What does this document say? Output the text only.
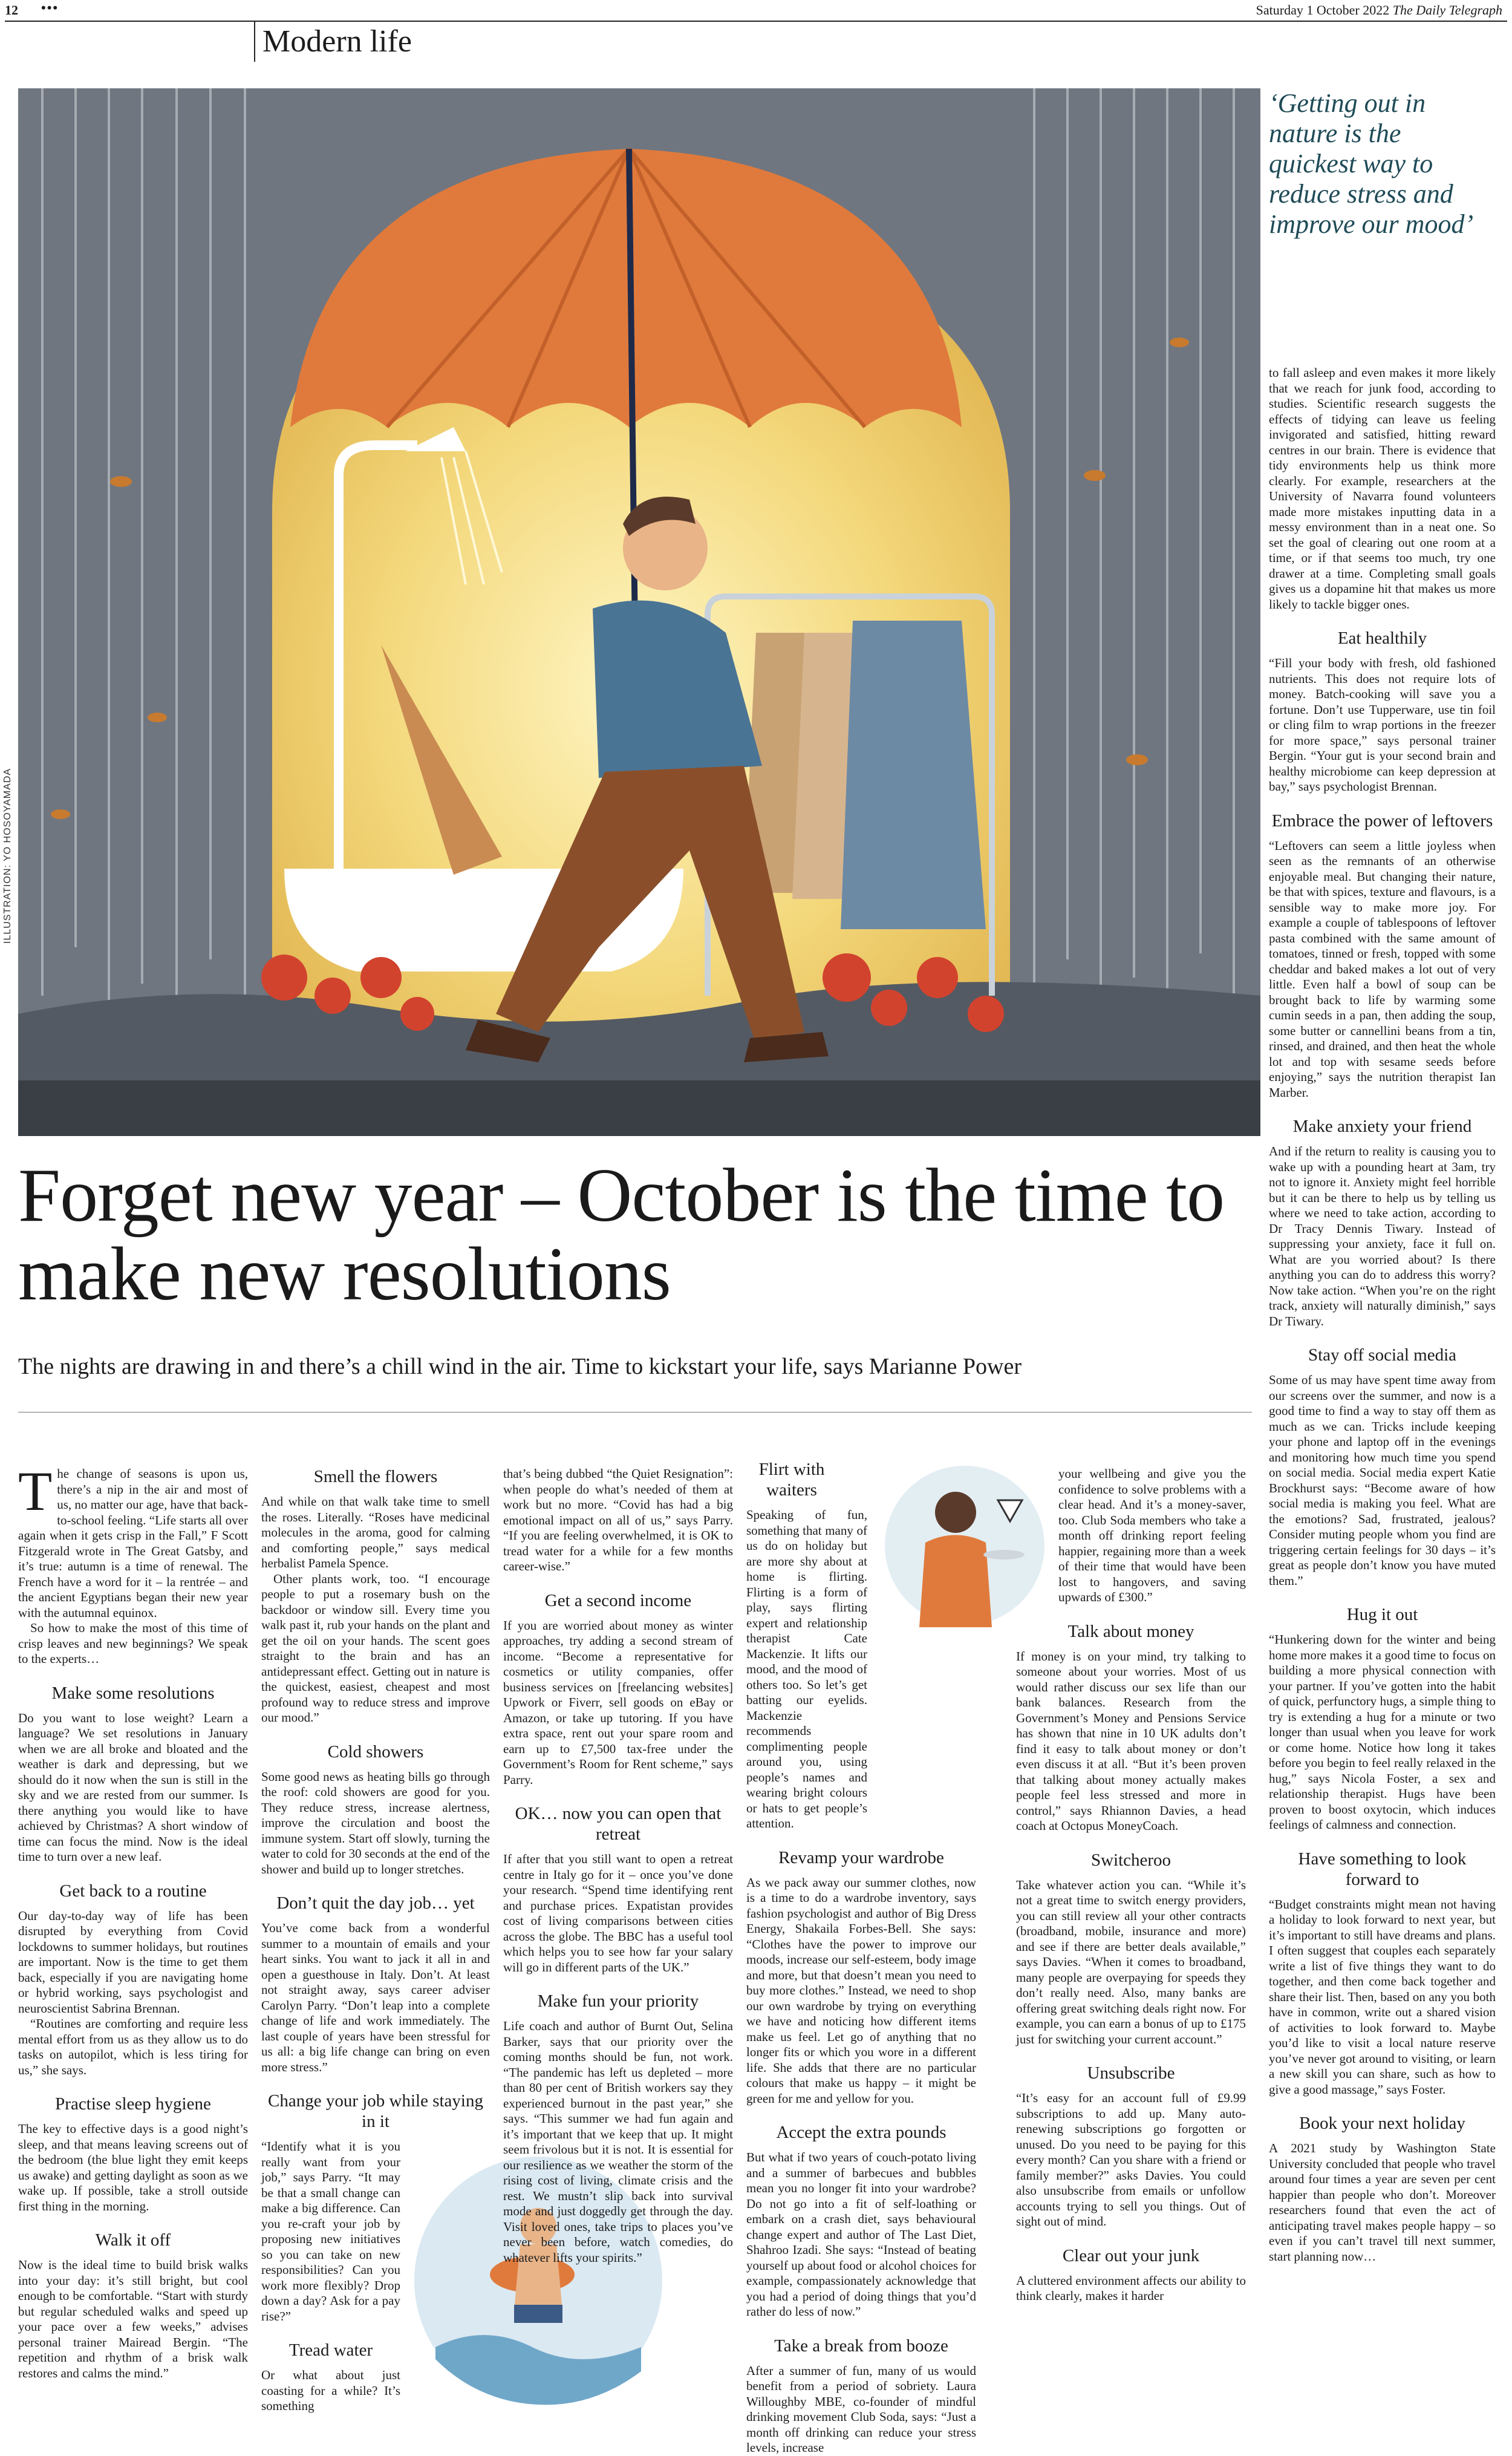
12 •••	Saturday 1 October 2022 The Daily Telegraph
Modern life
ILLUSTRATION: YO HOSOYAMADA
‘Getting out in nature is the quickest way to reduce stress and improve our mood’
Forget new year – October is the time to make new resolutions
The nights are drawing in and there’s a chill wind in the air. Time to kickstart your life, says Marianne Power

The change of seasons is upon us, there’s a nip in the air and most of us, no matter our age, have that back-to-school feeling. “Life starts all over again when it gets crisp in the Fall,” F Scott Fitzgerald wrote in The Great Gatsby, and it’s true: autumn is a time of renewal. The French have a word for it – la rentrée – and the ancient Egyptians began their new year with the autumnal equinox.

So how to make the most of this time of crisp leaves and new beginnings? We speak to the experts…

Make some resolutions

Do you want to lose weight? Learn a language? We set resolutions in January when we are all broke and bloated and the weather is dark and depressing, but we should do it now when the sun is still in the sky and we are rested from our summer. Is there anything you would like to have achieved by Christmas? A short window of time can focus the mind. Now is the ideal time to turn over a new leaf.

Get back to a routine

Our day-to-day way of life has been disrupted by everything from Covid lockdowns to summer holidays, but routines are important. Now is the time to get them back, especially if you are navigating home or hybrid working, says psychologist and neuroscientist Sabrina Brennan.

“Routines are comforting and require less mental effort from us as they allow us to do tasks on autopilot, which is less tiring for us,” she says.

Practise sleep hygiene

The key to effective days is a good night’s sleep, and that means leaving screens out of the bedroom (the blue light they emit keeps us awake) and getting daylight as soon as we wake up. If possible, take a stroll outside first thing in the morning.

Walk it off

Now is the ideal time to build brisk walks into your day: it’s still bright, but cool enough to be comfortable. “Start with sturdy but regular scheduled walks and speed up your pace over a few weeks,” advises personal trainer Mairead Bergin. “The repetition and rhythm of a brisk walk restores and calms the mind.”

Smell the flowers

And while on that walk take time to smell the roses. Literally. “Roses have medicinal molecules in the aroma, good for calming and comforting people,” says medical herbalist Pamela Spence.

Other plants work, too. “I encourage people to put a rosemary bush on the backdoor or window sill. Every time you walk past it, rub your hands on the plant and get the oil on your hands. The scent goes straight to the brain and has an antidepressant effect. Getting out in nature is the quickest, easiest, cheapest and most profound way to reduce stress and improve our mood.”

Cold showers

Some good news as heating bills go through the roof: cold showers are good for you. They reduce stress, increase alertness, improve the circulation and boost the immune system. Start off slowly, turning the water to cold for 30 seconds at the end of the shower and build up to longer stretches.

Don’t quit the day job… yet

You’ve come back from a wonderful summer to a mountain of emails and your heart sinks. You want to jack it all in and open a guesthouse in Italy. Don’t. At least not straight away, says career adviser Carolyn Parry. “Don’t leap into a complete change of life and work immediately. The last couple of years have been stressful for us all: a big life change can bring on even more stress.”

Change your job while staying in it

“Identify what it is you really want from your job,” says Parry. “It may be that a small change can make a big difference. Can you re-craft your job by proposing new initiatives so you can take on new responsibilities? Can you work more flexibly? Drop down a day? Ask for a pay rise?”

Tread water

Or what about just coasting for a while? It’s something

that’s being dubbed “the Quiet Resignation”: when people do what’s needed of them at work but no more. “Covid has had a big emotional impact on all of us,” says Parry. “If you are feeling overwhelmed, it is OK to tread water for a while for a few months career-wise.”

Get a second income

If you are worried about money as winter approaches, try adding a second stream of income. “Become a representative for cosmetics or utility companies, offer business services on [freelancing websites] Upwork or Fiverr, sell goods on eBay or Amazon, or take up tutoring. If you have extra space, rent out your spare room and earn up to £7,500 tax-free under the Government’s Room for Rent scheme,” says Parry.

OK… now you can open that retreat

If after that you still want to open a retreat centre in Italy go for it – once you’ve done your research. “Spend time identifying rent and purchase prices. Expatistan provides cost of living comparisons between cities across the globe. The BBC has a useful tool which helps you to see how far your salary will go in different parts of the UK.”

Make fun your priority

Life coach and author of Burnt Out, Selina Barker, says that our priority over the coming months should be fun, not work. “The pandemic has left us depleted – more than 80 per cent of British workers say they experienced burnout in the past year,” she says. “This summer we had fun again and it’s important that we keep that up. It might seem frivolous but it is not. It is essential for our resilience as we weather the storm of the rising cost of living, climate crisis and the rest. We mustn’t slip back into survival mode and just doggedly get through the day. Visit loved ones, take trips to places you’ve never been before, watch comedies, do whatever lifts your spirits.”

Flirt with waiters

Speaking of fun, something that many of us do on holiday but are more shy about at home is flirting. Flirting is a form of play, says flirting expert and relationship therapist Cate Mackenzie. It lifts our mood, and the mood of others too. So let’s get batting our eyelids. Mackenzie recommends complimenting people around you, using people’s names and wearing bright colours or hats to get people’s attention.

Revamp your wardrobe

As we pack away our summer clothes, now is a time to do a wardrobe inventory, says fashion psychologist and author of Big Dress Energy, Shakaila Forbes-Bell. She says: “Clothes have the power to improve our moods, increase our self-esteem, body image and more, but that doesn’t mean you need to buy more clothes.” Instead, we need to shop our own wardrobe by trying on everything we have and noticing how different items make us feel. Let go of anything that no longer fits or which you wore in a different life. She adds that there are no particular colours that make us happy – it might be green for me and yellow for you.

Accept the extra pounds

But what if two years of couch-potato living and a summer of barbecues and bubbles mean you no longer fit into your wardrobe? Do not go into a fit of self-loathing or embark on a crash diet, says behavioural change expert and author of The Last Diet, Shahroo Izadi. She says: “Instead of beating yourself up about food or alcohol choices for example, compassionately acknowledge that you had a period of doing things that you’d rather do less of now.”

Take a break from booze

After a summer of fun, many of us would benefit from a period of sobriety. Laura Willoughby MBE, co-founder of mindful drinking movement Club Soda, says: “Just a month off drinking can reduce your stress levels, increase

your wellbeing and give you the confidence to solve problems with a clear head. And it’s a money-saver, too. Club Soda members who take a month off drinking report feeling happier, regaining more than a week of their time that would have been lost to hangovers, and saving upwards of £300.”

Talk about money

If money is on your mind, try talking to someone about your worries. Most of us would rather discuss our sex life than our bank balances. Research from the Government’s Money and Pensions Service has shown that nine in 10 UK adults don’t find it easy to talk about money or don’t even discuss it at all. “But it’s been proven that talking about money actually makes people feel less stressed and more in control,” says Rhiannon Davies, a head coach at Octopus MoneyCoach.

Switcheroo

Take whatever action you can. “While it’s not a great time to switch energy providers, you can still review all your other contracts (broadband, mobile, insurance and more) and see if there are better deals available,” says Davies. “When it comes to broadband, many people are overpaying for speeds they don’t really need. Also, many banks are offering great switching deals right now. For example, you can earn a bonus of up to £175 just for switching your current account.”

Unsubscribe

“It’s easy for an account full of £9.99 subscriptions to add up. Many auto-renewing subscriptions go forgotten or unused. Do you need to be paying for this every month? Can you share with a friend or family member?” asks Davies. You could also unsubscribe from emails or unfollow accounts trying to sell you things. Out of sight out of mind.

Clear out your junk

A cluttered environment affects our ability to think clearly, makes it harder

to fall asleep and even makes it more likely that we reach for junk food, according to studies. Scientific research suggests the effects of tidying can leave us feeling invigorated and satisfied, hitting reward centres in our brain. There is evidence that tidy environments help us think more clearly. For example, researchers at the University of Navarra found volunteers made more mistakes inputting data in a messy environment than in a neat one. So set the goal of clearing out one room at a time, or if that seems too much, try one drawer at a time. Completing small goals gives us a dopamine hit that makes us more likely to tackle bigger ones.

Eat healthily

“Fill your body with fresh, old fashioned nutrients. This does not require lots of money. Batch-cooking will save you a fortune. Don’t use Tupperware, use tin foil or cling film to wrap portions in the freezer for more space,” says personal trainer Bergin. “Your gut is your second brain and healthy microbiome can keep depression at bay,” says psychologist Brennan.

Embrace the power of leftovers

“Leftovers can seem a little joyless when seen as the remnants of an otherwise enjoyable meal. But changing their nature, be that with spices, texture and flavours, is a sensible way to make more joy. For example a couple of tablespoons of leftover pasta combined with the same amount of tomatoes, tinned or fresh, topped with some cheddar and baked makes a lot out of very little. Even half a bowl of soup can be brought back to life by warming some cumin seeds in a pan, then adding the soup, some butter or cannellini beans from a tin, rinsed, and drained, and then heat the whole lot and top with sesame seeds before enjoying,” says the nutrition therapist Ian Marber.

Make anxiety your friend

And if the return to reality is causing you to wake up with a pounding heart at 3am, try not to ignore it. Anxiety might feel horrible but it can be there to help us by telling us where we need to take action, according to Dr Tracy Dennis Tiwary. Instead of suppressing your anxiety, face it full on. What are you worried about? Is there anything you can do to address this worry? Now take action. “When you’re on the right track, anxiety will naturally diminish,” says Dr Tiwary.

Stay off social media

Some of us may have spent time away from our screens over the summer, and now is a good time to find a way to stay off them as much as we can. Tricks include keeping your phone and laptop off in the evenings and monitoring how much time you spend on social media. Social media expert Katie Brockhurst says: “Become aware of how social media is making you feel. What are the emotions? Sad, frustrated, jealous? Consider muting people whom you find are triggering certain feelings for 30 days – it’s great as people don’t know you have muted them.”

Hug it out

“Hunkering down for the winter and being home more makes it a good time to focus on building a more physical connection with your partner. If you’ve gotten into the habit of quick, perfunctory hugs, a simple thing to try is extending a hug for a minute or two longer than usual when you leave for work or come home. Notice how long it takes before you begin to feel really relaxed in the hug,” says Nicola Foster, a sex and relationship therapist. Hugs have been proven to boost oxytocin, which induces feelings of calmness and connection.

Have something to look forward to

“Budget constraints might mean not having a holiday to look forward to next year, but it’s important to still have dreams and plans. I often suggest that couples each separately write a list of five things they want to do together, and then come back together and share their list. Then, based on any you both have in common, write out a shared vision of activities to look forward to. Maybe you’d like to visit a local nature reserve you’ve never got around to visiting, or learn a new skill you can share, such as how to give a good massage,” says Foster.

Book your next holiday

A 2021 study by Washington State University concluded that people who travel around four times a year are seven per cent happier than people who don’t. Moreover researchers found that even the act of anticipating travel makes people happy – so even if you can’t travel till next summer, start planning now…
